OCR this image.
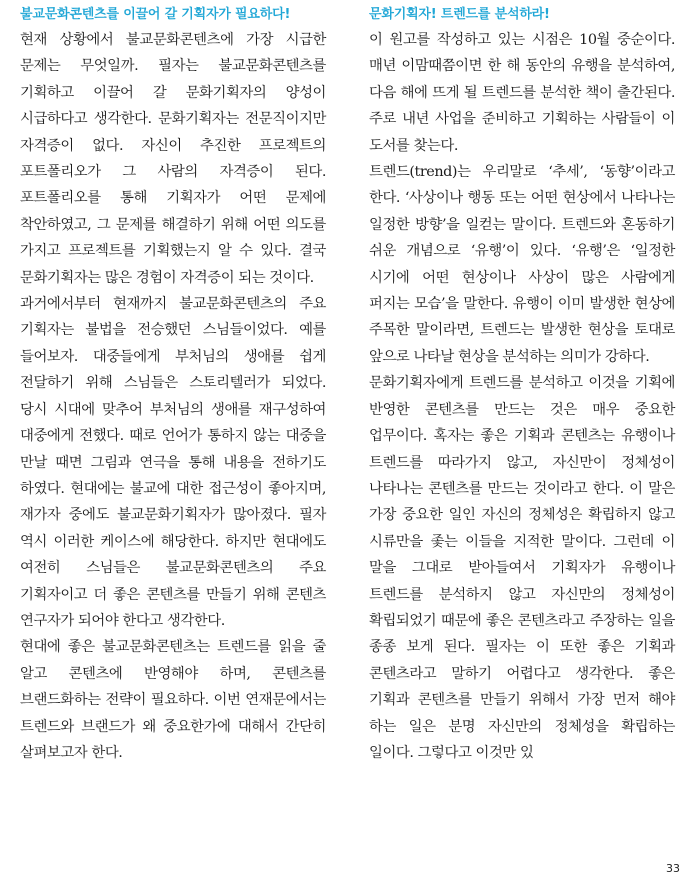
불교문화콘텐츠를 이끌어 갈 기획자가 필요하다!

현재 상황에서 불교문화콘텐츠에 가장 시급한 문제는 무엇일까. 필자는 불교문화콘텐츠를 기획하고 이끌어 갈 문화기획자의 양성이 시급하다고 생각한다. 문화기획자는 전문직이지만 자격증이 없다. 자신이 추진한 프로젝트의 포트폴리오가 그 사람의 자격증이 된다. 포트폴리오를 통해 기획자가 어떤 문제에 착안하였고, 그 문제를 해결하기 위해 어떤 의도를 가지고 프로젝트를 기획했는지 알 수 있다. 결국 문화기획자는 많은 경험이 자격증이 되는 것이다.

과거에서부터 현재까지 불교문화콘텐츠의 주요 기획자는 불법을 전승했던 스님들이었다. 예를 들어보자. 대중들에게 부처님의 생애를 쉽게 전달하기 위해 스님들은 스토리텔러가 되었다. 당시 시대에 맞추어 부처님의 생애를 재구성하여 대중에게 전했다. 때로 언어가 통하지 않는 대중을 만날 때면 그림과 연극을 통해 내용을 전하기도 하였다. 현대에는 불교에 대한 접근성이 좋아지며, 재가자 중에도 불교문화기획자가 많아졌다. 필자 역시 이러한 케이스에 해당한다. 하지만 현대에도 여전히 스님들은 불교문화콘텐츠의 주요 기획자이고 더 좋은 콘텐츠를 만들기 위해 콘텐츠 연구자가 되어야 한다고 생각한다.

현대에 좋은 불교문화콘텐츠는 트렌드를 읽을 줄 알고 콘텐츠에 반영해야 하며, 콘텐츠를 브랜드화하는 전략이 필요하다. 이번 연재문에서는 트렌드와 브랜드가 왜 중요한가에 대해서 간단히 살펴보고자 한다.

문화기획자! 트렌드를 분석하라!

이 원고를 작성하고 있는 시점은 10월 중순이다. 매년 이맘때쯤이면 한 해 동안의 유행을 분석하여, 다음 해에 뜨게 될 트렌드를 분석한 책이 출간된다. 주로 내년 사업을 준비하고 기획하는 사람들이 이 도서를 찾는다.

트렌드(trend)는 우리말로 ‘추세’, ‘동향’이라고 한다. ‘사상이나 행동 또는 어떤 현상에서 나타나는 일정한 방향’을 일컫는 말이다. 트렌드와 혼동하기 쉬운 개념으로 ‘유행’이 있다. ‘유행’은 ‘일정한 시기에 어떤 현상이나 사상이 많은 사람에게 퍼지는 모습’을 말한다. 유행이 이미 발생한 현상에 주목한 말이라면, 트렌드는 발생한 현상을 토대로 앞으로 나타날 현상을 분석하는 의미가 강하다.

문화기획자에게 트렌드를 분석하고 이것을 기획에 반영한 콘텐츠를 만드는 것은 매우 중요한 업무이다. 혹자는 좋은 기획과 콘텐츠는 유행이나 트렌드를 따라가지 않고, 자신만이 정체성이 나타나는 콘텐츠를 만드는 것이라고 한다. 이 말은 가장 중요한 일인 자신의 정체성은 확립하지 않고 시류만을 좇는 이들을 지적한 말이다. 그런데 이 말을 그대로 받아들여서 기획자가 유행이나 트렌드를 분석하지 않고 자신만의 정체성이 확립되었기 때문에 좋은 콘텐츠라고 주장하는 일을 종종 보게 된다. 필자는 이 또한 좋은 기획과 콘텐츠라고 말하기 어렵다고 생각한다. 좋은 기획과 콘텐츠를 만들기 위해서 가장 먼저 해야 하는 일은 분명 자신만의 정체성을 확립하는 일이다. 그렇다고 이것만 있

33
